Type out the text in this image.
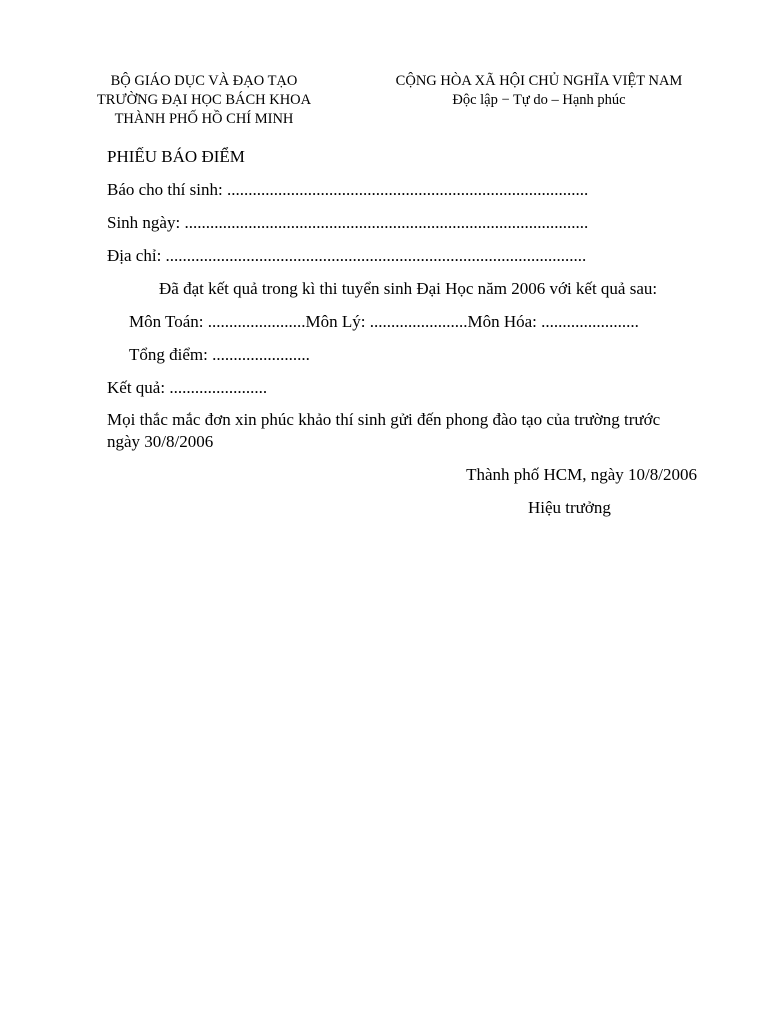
BỘ GIÁO DỤC VÀ ĐẠO TẠO
TRƯỜNG ĐẠI HỌC BÁCH KHOA
THÀNH PHỐ HỒ CHÍ MINH
CỘNG HÒA XÃ HỘI CHỦ NGHĨA VIỆT NAM
Độc lập − Tự do – Hạnh phúc
PHIẾU BÁO ĐIỂM
Báo cho thí sinh: .....................................................................................
Sinh ngày: ...............................................................................................
Địa chỉ: ...................................................................................................
Đã đạt kết quả trong kì thi tuyển sinh Đại Học năm 2006 với kết quả sau:
Môn Toán: .......................Môn Lý: .......................Môn Hóa: .......................
Tổng điểm: .......................
Kết quả: .......................
Mọi thắc mắc đơn xin phúc khảo thí sinh gửi đến phong đào tạo của trường trước
ngày 30/8/2006
Thành phố HCM, ngày 10/8/2006
Hiệu trưởng
